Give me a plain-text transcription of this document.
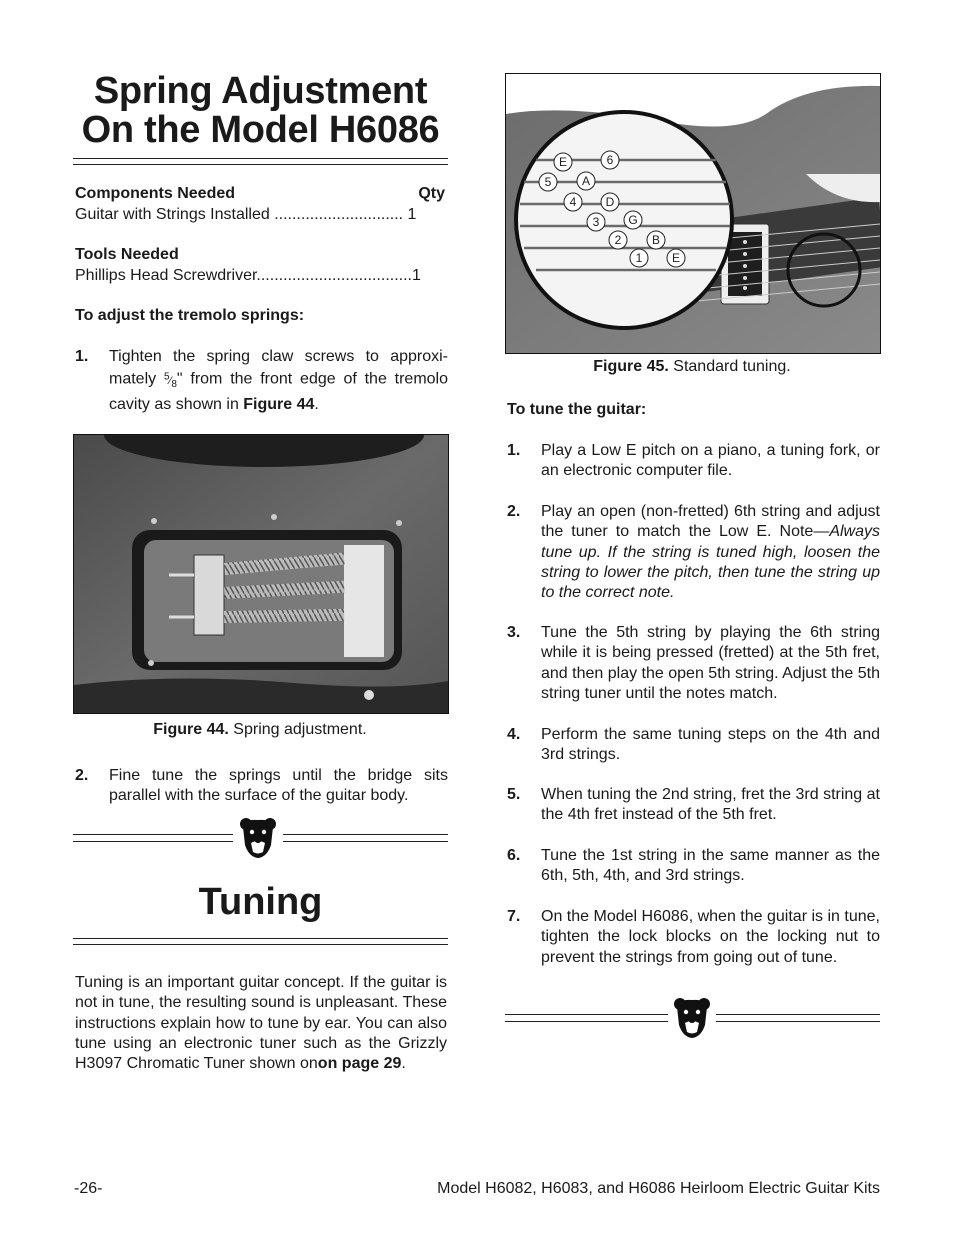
Spring Adjustment
On the Model H6086
Components Needed	Qty
Guitar with Strings Installed ............................. 1
Tools Needed
Phillips Head Screwdriver...................................1
To adjust the tremolo springs:
1. Tighten the spring claw screws to approxi-mately $^5⁄_8$" from the front edge of the tremolo cavity as shown in Figure 44.
Figure 44. Spring adjustment.
2. Fine tune the springs until the bridge sits parallel with the surface of the guitar body.
Tuning
Tuning is an important guitar concept. If the guitar is not in tune, the resulting sound is unpleasant. These instructions explain how to tune by ear. You can also tune using an electronic tuner such as the Grizzly H3097 Chromatic Tuner shown onon page 29.
E	6
5	A
4 D
3 G
2	B
1 E
Figure 45. Standard tuning.
To tune the guitar:
1. Play a Low E pitch on a piano, a tuning fork, or an electronic computer file.
2. Play an open (non-fretted) 6th string and adjust the tuner to match the Low E. Note—Always tune up. If the string is tuned high, loosen the string to lower the pitch, then tune the string up to the correct note.
3. Tune the 5th string by playing the 6th string while it is being pressed (fretted) at the 5th fret, and then play the open 5th string. Adjust the 5th string tuner until the notes match.
4. Perform the same tuning steps on the 4th and 3rd strings.
5. When tuning the 2nd string, fret the 3rd string at the 4th fret instead of the 5th fret.
6. Tune the 1st string in the same manner as the 6th, 5th, 4th, and 3rd strings.
7. On the Model H6086, when the guitar is in tune, tighten the lock blocks on the locking nut to prevent the strings from going out of tune.
-26-	Model H6082, H6083, and H6086 Heirloom Electric Guitar Kits
